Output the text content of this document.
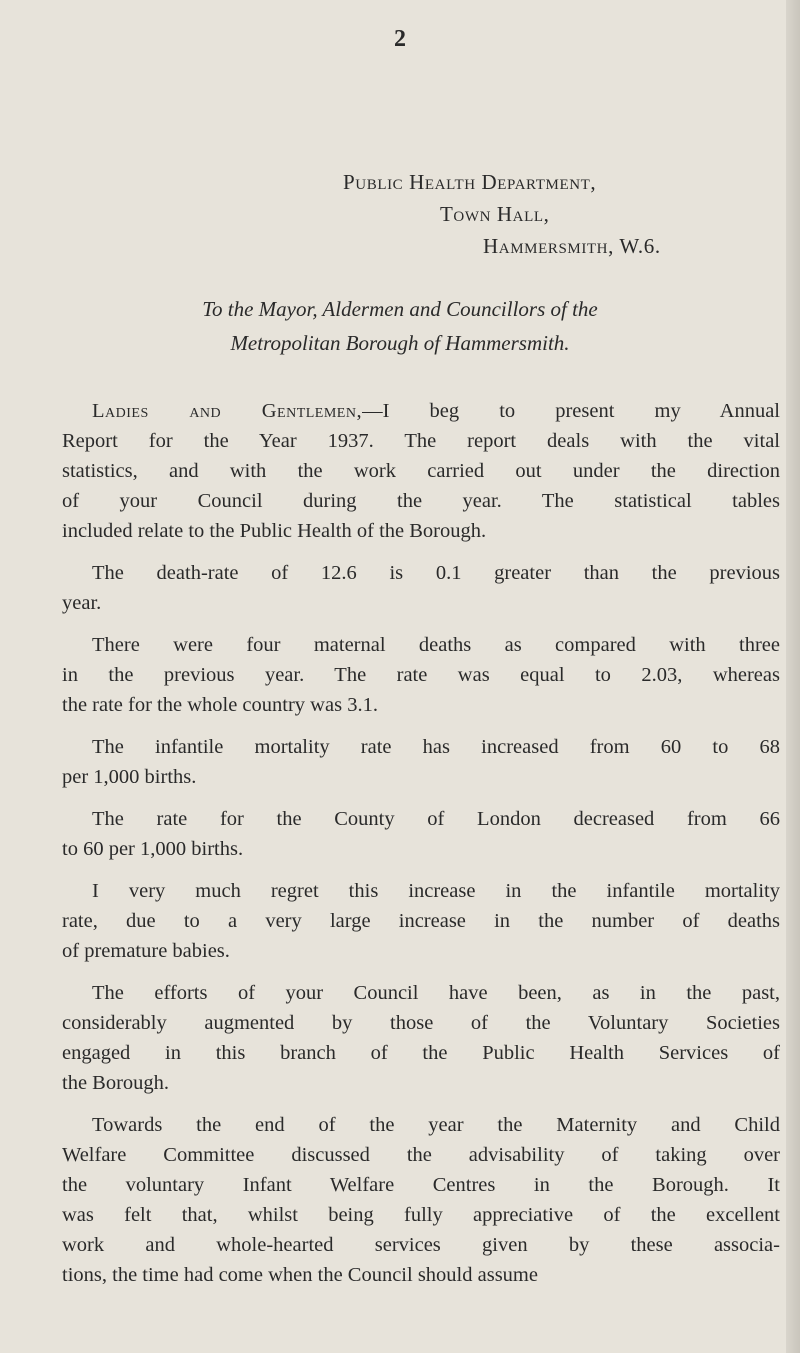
2
Public Health Department,
Town Hall,
Hammersmith, W.6.
To the Mayor, Aldermen and Councillors of the
Metropolitan Borough of Hammersmith.
Ladies and Gentlemen,—I beg to present my Annual
Report for the Year 1937. The report deals with the vital
statistics, and with the work carried out under the direction
of your Council during the year. The statistical tables
included relate to the Public Health of the Borough.
The death-rate of 12.6 is 0.1 greater than the previous
year.
There were four maternal deaths as compared with three
in the previous year. The rate was equal to 2.03, whereas
the rate for the whole country was 3.1.
The infantile mortality rate has increased from 60 to 68
per 1,000 births.
The rate for the County of London decreased from 66
to 60 per 1,000 births.
I very much regret this increase in the infantile mortality
rate, due to a very large increase in the number of deaths
of premature babies.
The efforts of your Council have been, as in the past,
considerably augmented by those of the Voluntary Societies
engaged in this branch of the Public Health Services of
the Borough.
Towards the end of the year the Maternity and Child
Welfare Committee discussed the advisability of taking over
the voluntary Infant Welfare Centres in the Borough. It
was felt that, whilst being fully appreciative of the excellent
work and whole-hearted services given by these associa-
tions, the time had come when the Council should assume
